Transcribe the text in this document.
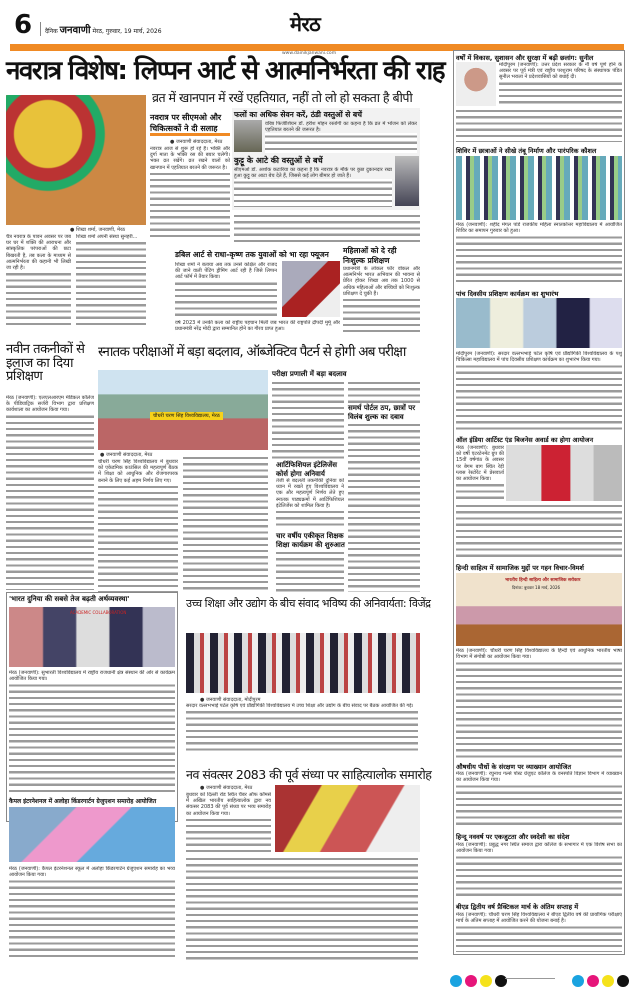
6	दैनिक जनवाणी मेरठ, गुरुवार, 19 मार्च, 2026	मेरठ
www.dainikjanwani.com
नवरात्र विशेष: लिप्पन आर्ट से आत्मनिर्भरता की राह
● शिखा शर्मा, जनवाणी, मेरठ

चैत्र नवरात्र के पावन अवसर पर जब घर घर में शक्ति की आराधना और सांस्कृतिक परंपराओं की छटा बिखरती है, तब कला के माध्यम से आत्मनिर्भरता की कहानी भी लिखी जा रही है।

शिखा शर्मा अपनी संस्था सुनहरी...

व्रत में खानपान में रखें एहतियात, नहीं तो लो हो सकता है बीपी
नवरात्र पर सीएमओ और चिकित्सकों ने दी सलाह
● जनवाणी संवाददाता, मेरठ

नवरात्र आज से शुरू हो रहे हैं। भक्ति और दुर्गा माता के भक्ति रस की बयार चलेगी। भक्त व्रत रखेंगे। व्रत रखने वालों को खानपान में एहतियात बरतने की जरूरत है।

फलों का अधिक सेवन करें, ठंडी वस्तुओं से बचें

वरिष्ठ फिजीशियन डॉ. हरीश मोहन रस्तोगी का कहना है कि व्रत में भोजन को लेकर एहतियात बरतने की जरूरत है।

कुट्टू के आटे की वस्तुओं से बचें

सीएमओ डॉ. अशोक कटारिया का कहना है कि नवरात्र के मौके पर कुछ दुकानदार रखा हुआ कुट्टू का आटा बेच देते हैं, जिससे कई लोग बीमार हो जाते हैं।

डबिल आर्ट से राधा-कृष्ण तक युवाओं को भा रहा फ्यूजन

शिखा शर्मा ने बताया अब तक उनसे कक्षित और राजद की जाने वाली पेंटिंग ड्रीमिंग आर्ट रही है जिसे लिप्पन आर्ट फॉर्म में तैयार किया।

वर्ष 2023 में उनकी कला को राष्ट्रीय पहचान मिली जब भारत की राष्ट्रपति द्रौपदी मुर्मू और प्रधानमंत्री नरेंद्र मोदी द्वारा सम्मानित होने का गौरव प्राप्त हुआ।

महिलाओं को दे रही निःशुल्क प्रशिक्षण

प्रधानमंत्री के लोकल फॉर वोकल और आत्मनिर्भर भारत अभियान की भावना से प्रेरित होकर शिखा अब तक 1000 से अधिक महिलाओं और बच्चियों को निःशुल्क प्रशिक्षण दे चुकी हैं।

नवीन तकनीकों से इलाज का दिया प्रशिक्षण

मेरठ (जनवाणी): एलएलआरएम मेडिकल कॉलेज के पीडियाट्रिक सर्जरी विभाग द्वारा प्रशिक्षण कार्यशाला का आयोजन किया गया।

स्नातक परीक्षाओं में बड़ा बदलाव, ऑब्जेक्टिव पैटर्न से होगी अब परीक्षा
चौधरी चरण सिंह विश्वविद्यालय, मेरठ
● जनवाणी संवाददाता, मेरठ

चौधरी चरण सिंह विश्वविद्यालय में बुधवार को एकेडमिक काउंसिल की महत्वपूर्ण बैठक में शिक्षा को आधुनिक और रोजगारपरक बनाने के लिए कई अहम निर्णय लिए गए।

परीक्षा प्रणाली में बड़ा बदलाव
आर्टिफिशियल इंटेलिजेंस कोर्स होगा अनिवार्य

तेजी से बदलती तकनीकी दुनिया को ध्यान में रखते हुए विश्वविद्यालय ने एक और महत्वपूर्ण निर्णय लेते हुए स्नातक पाठ्यक्रमों में आर्टिफिशियल इंटेलिजेंस को शामिल किया है।

चार वर्षीय एकीकृत शिक्षक शिक्षा कार्यक्रम की शुरुआत
समर्थ पोर्टल ठप, छात्रों पर विलंब शुल्क का दबाव
'भारत दुनिया की सबसे तेज बढ़ती अर्थव्यवस्था'
ACADEMIC COLLABORATION

मेरठ (जनवाणी): सुभारती विश्वविद्यालय में राष्ट्रीय राजधानी क्षेत्र संस्थान की ओर से कार्यक्रम आयोजित किया गया।

कैपल इंटरनेशनल में अलोहा किंडरगार्टन ग्रेजुएशन समारोह आयोजित

मेरठ (जनवाणी): कैपल इंटरनेशनल स्कूल में अलोहा किंडरगार्टन ग्रेजुएशन समारोह का भव्य आयोजन किया गया।

उच्च शिक्षा और उद्योग के बीच संवाद भविष्य की अनिवार्यता: विजेंद्र
● जनवाणी संवाददाता, मोदीपुरम

सरदार वल्लभभाई पटेल कृषि एवं प्रौद्योगिकी विश्वविद्यालय में उच्च शिक्षा और उद्योग के बीच संवाद पर बैठक आयोजित की गई।

नव संवत्सर 2083 की पूर्व संध्या पर साहित्यालोक समारोह
● जनवाणी संवाददाता, मेरठ

बुधवार को दिल्ली रोड स्थित चैंबर ऑफ कॉमर्स में अखिल भारतीय साहित्यालोक द्वारा नव संवत्सर 2083 की पूर्व संध्या पर भव्य समारोह का आयोजन किया गया।

वर्षों में विकास, सुशासन और सुरक्षा में बढ़ी छलांग: सुनील

मोदीपुरम (जनवाणी): उत्तर प्रदेश सरकार के नौ वर्ष पूर्ण होने के अवसर पर पूर्व मंत्री एवं राष्ट्रीय परशुराम परिषद के संस्थापक पंडित सुनील भराला ने प्रदेशवासियों को बधाई दी।

शिविर में छात्राओं ने सीखे तंबू निर्माण और पारंपरिक कौशल

मेरठ (जनवाणी): शहीद मंगल पांडे राजकीय महिला स्नातकोत्तर महाविद्यालय में आयोजित शिविर का समापन गुरुवार को हुआ।

पांच दिवसीय प्रशिक्षण कार्यक्रम का शुभारंभ

मोदीपुरम (जनवाणी): सरदार वल्लभभाई पटेल कृषि एवं प्रौद्योगिकी विश्वविद्यालय के पशु चिकित्सा महाविद्यालय में पांच दिवसीय प्रशिक्षण कार्यक्रम का शुभारंभ किया गया।

ऑल इंडिया आर्टिस्ट एंड बिजनेस अवार्ड का होगा आयोजन

मेरठ (जनवाणी): बुधवार को वर्षी एंटरटेनमेंट ग्रुप की 15वीं वर्षगांठ के अवसर पर बेगम बाग स्थित रेड़ी ग्लास रेस्टोरेंट में प्रेसवार्ता का आयोजन किया।

हिन्दी साहित्य में सामाजिक मुद्दों पर गहन विचार-विमर्श
भारतीय हिन्दी साहित्य और सामाजिक सरोकार
दिनांक: बुधवार 18 मार्च, 2026

मेरठ (जनवाणी): चौधरी चरण सिंह विश्वविद्यालय के हिन्दी एवं आधुनिक भारतीय भाषा विभाग में संगोष्ठी का आयोजन किया गया।

औषधीय पौधों के संरक्षण पर व्याख्यान आयोजित

मेरठ (जनवाणी): रघुनाथ गर्ल्स पोस्ट ग्रेजुएट कॉलेज के वनस्पति विज्ञान विभाग में व्याख्यान का आयोजन किया गया।

हिन्दू नववर्ष पर एकजुटता और स्वदेशी का संदेश

मेरठ (जनवाणी): प्रबुद्ध नगर स्थित समाज द्वारा कॉलेज के सभागार में एक विशेष सभा का आयोजन किया गया।

बीएड द्वितीय वर्ष प्रैक्टिकल मार्च के अंतिम सप्ताह में

मेरठ (जनवाणी): चौधरी चरण सिंह विश्वविद्यालय ने बीएड द्वितीय वर्ष की प्रायोगिक परीक्षाएं मार्च के अंतिम सप्ताह में आयोजित करने की योजना बनाई है।
